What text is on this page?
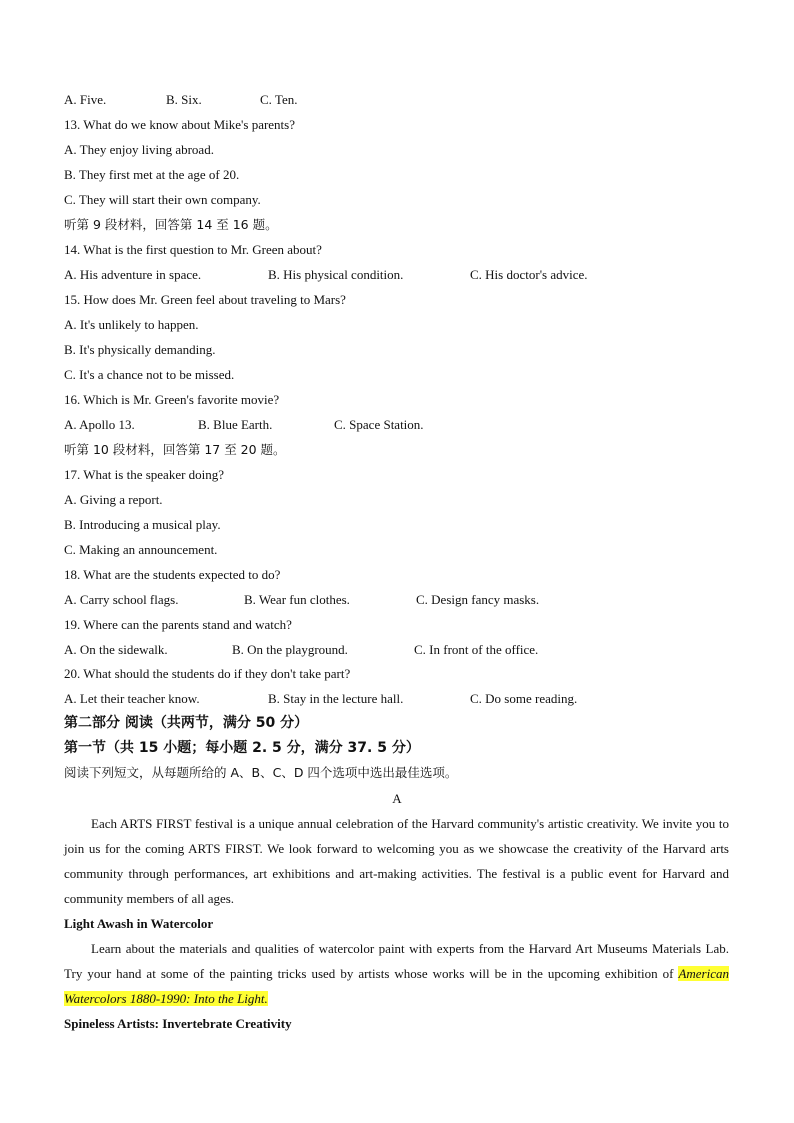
A. Five.	B. Six.	C. Ten.
13. What do we know about Mike's parents?
A. They enjoy living abroad.
B. They first met at the age of 20.
C. They will start their own company.
听第 9 段材料，回答第 14 至 16 题。
14. What is the first question to Mr. Green about?
A. His adventure in space.	B. His physical condition.	C. His doctor's advice.
15. How does Mr. Green feel about traveling to Mars?
A. It's unlikely to happen.
B. It's physically demanding.
C. It's a chance not to be missed.
16. Which is Mr. Green's favorite movie?
A. Apollo 13.	B. Blue Earth.	C. Space Station.
听第 10 段材料，回答第 17 至 20 题。
17. What is the speaker doing?
A. Giving a report.
B. Introducing a musical play.
C. Making an announcement.
18. What are the students expected to do?
A. Carry school flags.	B. Wear fun clothes.	C. Design fancy masks.
19. Where can the parents stand and watch?
A. On the sidewalk.	B. On the playground.	C. In front of the office.
20. What should the students do if they don't take part?
A. Let their teacher know.	B. Stay in the lecture hall.	C. Do some reading.
第二部分 阅读（共两节，满分 50 分）
第一节（共 15 小题；每小题 2. 5 分，满分 37. 5 分）
阅读下列短文，从每题所给的 A、B、C、D 四个选项中选出最佳选项。
A
Each ARTS FIRST festival is a unique annual celebration of the Harvard community's artistic creativity. We invite you to join us for the coming ARTS FIRST. We look forward to welcoming you as we showcase the creativity of the Harvard arts community through performances, art exhibitions and art-making activities. The festival is a public event for Harvard and community members of all ages.
Light Awash in Watercolor
Learn about the materials and qualities of watercolor paint with experts from the Harvard Art Museums Materials Lab. Try your hand at some of the painting tricks used by artists whose works will be in the upcoming exhibition of American Watercolors 1880-1990: Into the Light.
Spineless Artists: Invertebrate Creativity
